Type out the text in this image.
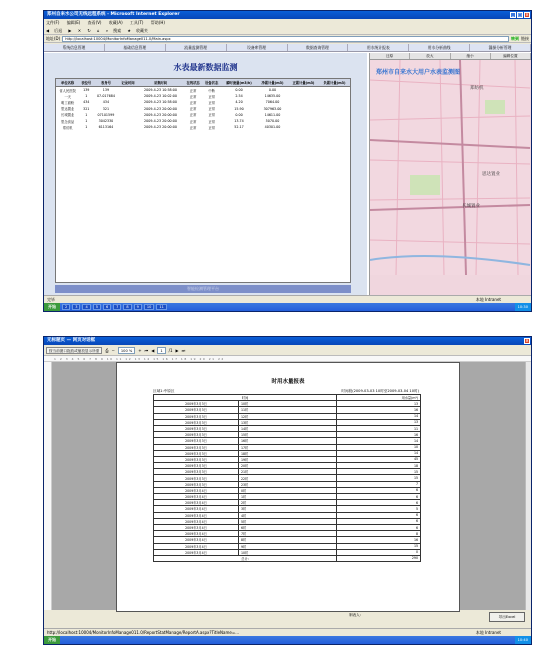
郑州自来水公司无线远程系统 - Microsoft Internet Explorer	_	□ ×
文件(F) 编辑(E) 查看(V) 收藏(A) 工具(T) 帮助(H)
◀ 后退 ▶ ✕ ↻ ⌂ ⌕ 搜索 ★ 收藏夹
地址(D)	http://localhost:10004/MonitorInfoManage011.0/Main.aspx	转到 链接
系统信息管理	基础信息管理	流量监测管理	设备库管理	数据查询管理	用水统计报表	用水分析曲线	漏损分析管理
水表最新数据监测
单位名称	表位号	表身号	记录时间	采集时间	在线状态	设备状态	瞬时流量(m3/h)	净累计量(m3)	正累计量(m3)	负累计量(m3)
省人民医院	139	139		2009-4-23 10:58:00	正常	中断	0.00	0.00		
一天	1	07-017684		2009-4-23 10:02:00	正常	正常	2.54	14635.00		
明工面粉	434	434		2009-4-23 10:58:00	正常	正常	4.20	7064.00		
思达置业	321	321		2009-4-23 20:00:00	正常	正常	15.90	307963.00		
长城置业	1	07101599		2009-4-23 20:00:00	正常	正常	0.00	14611.00		
思念食品	1	3042330		2009-4-23 20:00:00	正常	正常	13.74	5070.00		
郑纺机	1	6113164		2009-4-23 20:00:00	正常	正常	52.17	40301.00		
智能检测管理平台
还原	放大	缩小	编辑位置
郑州市自来水大用户水表监测图
郑纺机
思达置业
长城置业
完毕	本地 Intranet
开始	2	3	4	5	6	7	8	9	10	11	10:30
无标题页 — 网页对话框	×
按当前窗口拖放或缩放显示所需	⎙ −	100 %	+ ⏮ ◀	1	/1 ▶ ⏭
1 2 3 4 5 6 7 8 9 10 11 12 13 14 15 16 17 18 19 20 21 22
时用水量报表
区域1:中原区	时间段(2009-03-03 10时至2009-03-04 10时)
时间		用水量(m³)
2009年3月3日	10时	13
2009年3月3日	11时	16
2009年3月3日	12时	14
2009年3月3日	13时	13
2009年3月3日	14时	11
2009年3月3日	15时	16
2009年3月3日	16时	14
2009年3月3日	17时	10
2009年3月3日	18时	14
2009年3月3日	19时	45
2009年3月3日	20时	18
2009年3月3日	21时	15
2009年3月3日	22时	15
2009年3月3日	23时	7
2009年3月4日	0时	6
2009年3月4日	1时	6
2009年3月4日	2时	6
2009年3月4日	3时	5
2009年3月4日	4时	6
2009年3月4日	5时	6
2009年3月4日	6时	6
2009年3月4日	7时	8
2009年3月4日	8时	16
2009年3月4日	9时	15
2009年3月4日	10时	0
总计:		290
制表人:	导出Excel
http://localhost:10004/MonitorInfoManage011.0/ReportStatManage/ReportA.aspx?TitleName=...	本地 Intranet
开始	10:40
